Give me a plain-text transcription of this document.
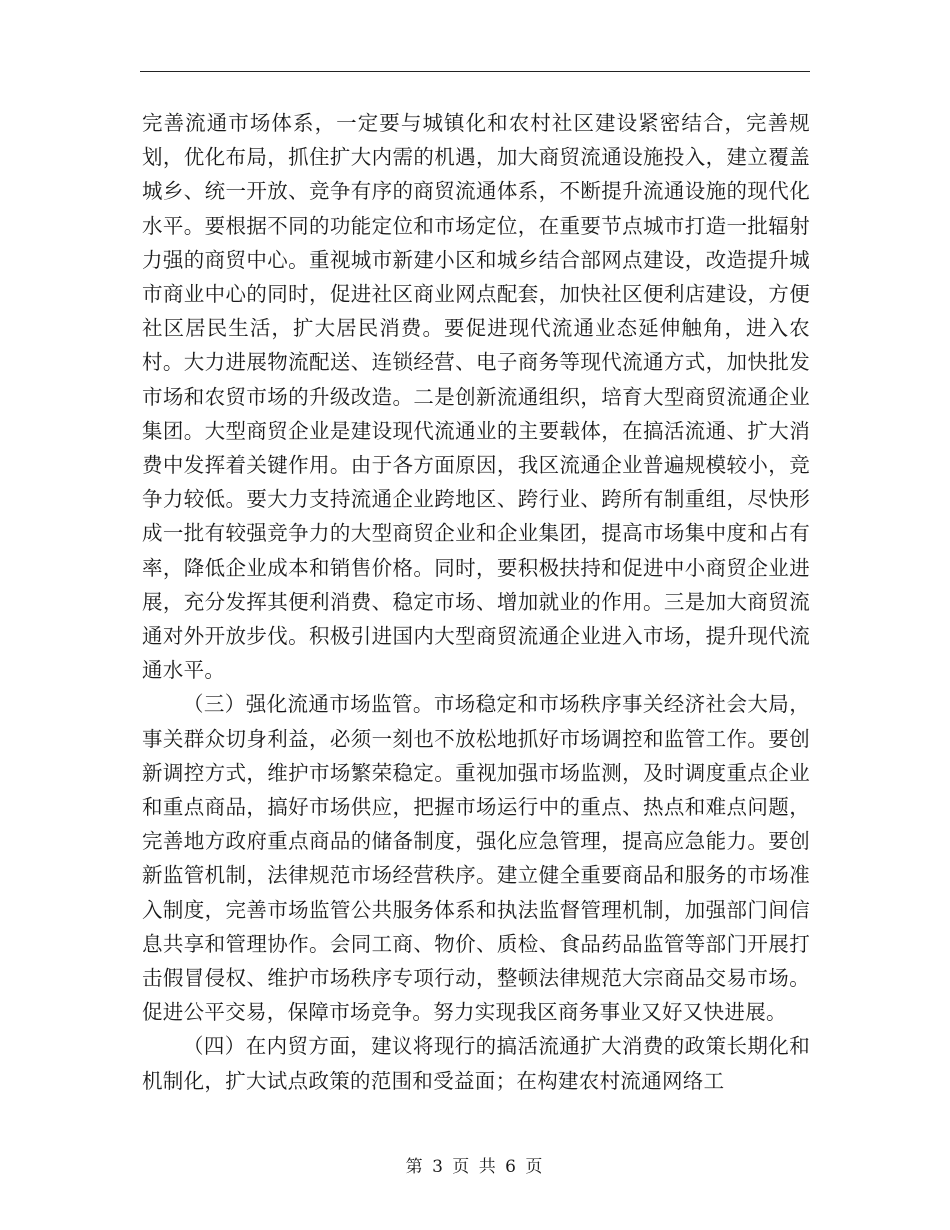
完善流通市场体系，一定要与城镇化和农村社区建设紧密结合，完善规划，优化布局，抓住扩大内需的机遇，加大商贸流通设施投入，建立覆盖城乡、统一开放、竞争有序的商贸流通体系，不断提升流通设施的现代化水平。要根据不同的功能定位和市场定位，在重要节点城市打造一批辐射力强的商贸中心。重视城市新建小区和城乡结合部网点建设，改造提升城市商业中心的同时，促进社区商业网点配套，加快社区便利店建设，方便社区居民生活，扩大居民消费。要促进现代流通业态延伸触角，进入农村。大力进展物流配送、连锁经营、电子商务等现代流通方式，加快批发市场和农贸市场的升级改造。二是创新流通组织，培育大型商贸流通企业集团。大型商贸企业是建设现代流通业的主要载体，在搞活流通、扩大消费中发挥着关键作用。由于各方面原因，我区流通企业普遍规模较小，竞争力较低。要大力支持流通企业跨地区、跨行业、跨所有制重组，尽快形成一批有较强竞争力的大型商贸企业和企业集团，提高市场集中度和占有率，降低企业成本和销售价格。同时，要积极扶持和促进中小商贸企业进展，充分发挥其便利消费、稳定市场、增加就业的作用。三是加大商贸流通对外开放步伐。积极引进国内大型商贸流通企业进入市场，提升现代流通水平。

（三）强化流通市场监管。市场稳定和市场秩序事关经济社会大局，事关群众切身利益，必须一刻也不放松地抓好市场调控和监管工作。要创新调控方式，维护市场繁荣稳定。重视加强市场监测，及时调度重点企业和重点商品，搞好市场供应，把握市场运行中的重点、热点和难点问题，完善地方政府重点商品的储备制度，强化应急管理，提高应急能力。要创新监管机制，法律规范市场经营秩序。建立健全重要商品和服务的市场准入制度，完善市场监管公共服务体系和执法监督管理机制，加强部门间信息共享和管理协作。会同工商、物价、质检、食品药品监管等部门开展打击假冒侵权、维护市场秩序专项行动，整顿法律规范大宗商品交易市场。促进公平交易，保障市场竞争。努力实现我区商务事业又好又快进展。

（四）在内贸方面，建议将现行的搞活流通扩大消费的政策长期化和机制化，扩大试点政策的范围和受益面；在构建农村流通网络工

第 3 页 共 6 页
